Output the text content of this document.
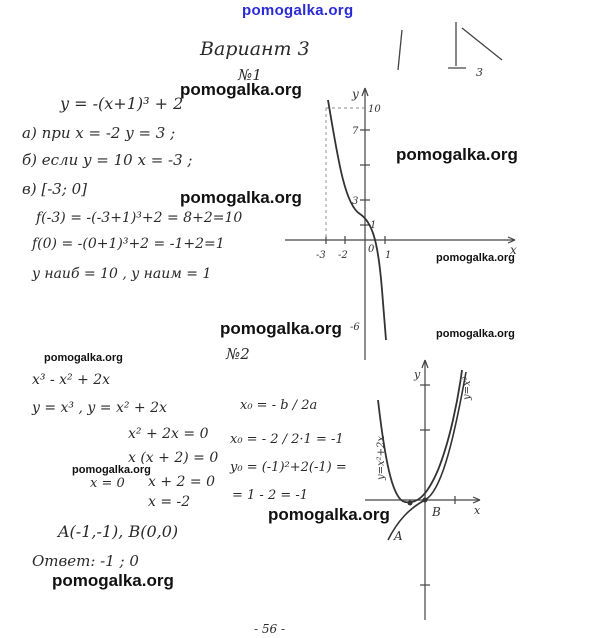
pomogalka.org
Вариант 3
№1
№2
y = -(x+1)³ + 2
а) при x = -2 y = 3 ;
б) если y = 10 x = -3 ;
в) [-3; 0]
f(-3) = -(-3+1)³+2 = 8+2=10
f(0) = -(0+1)³+2 = -1+2=1
y наиб = 10 , y наим = 1
x³ - x² + 2x
y = x³ , y = x² + 2x
x² + 2x = 0
x (x + 2) = 0
x = 0 x + 2 = 0
x = -2
A(-1,-1), B(0,0)
Ответ: -1 ; 0
x₀ = - b / 2a
x₀ = - 2 / 2·1 = -1
y₀ = (-1)²+2(-1) =
= 1 - 2 = -1
3
y
x
10
7
3
1
-6
-3 -2
0
1
y
x
A
B
y=x²+2x
y=x³
pomogalka.org
pomogalka.org
pomogalka.org
pomogalka.org
pomogalka.org	pomogalka.org
pomogalka.org
pomogalka.org
pomogalka.org
pomogalka.org
- 56 -
